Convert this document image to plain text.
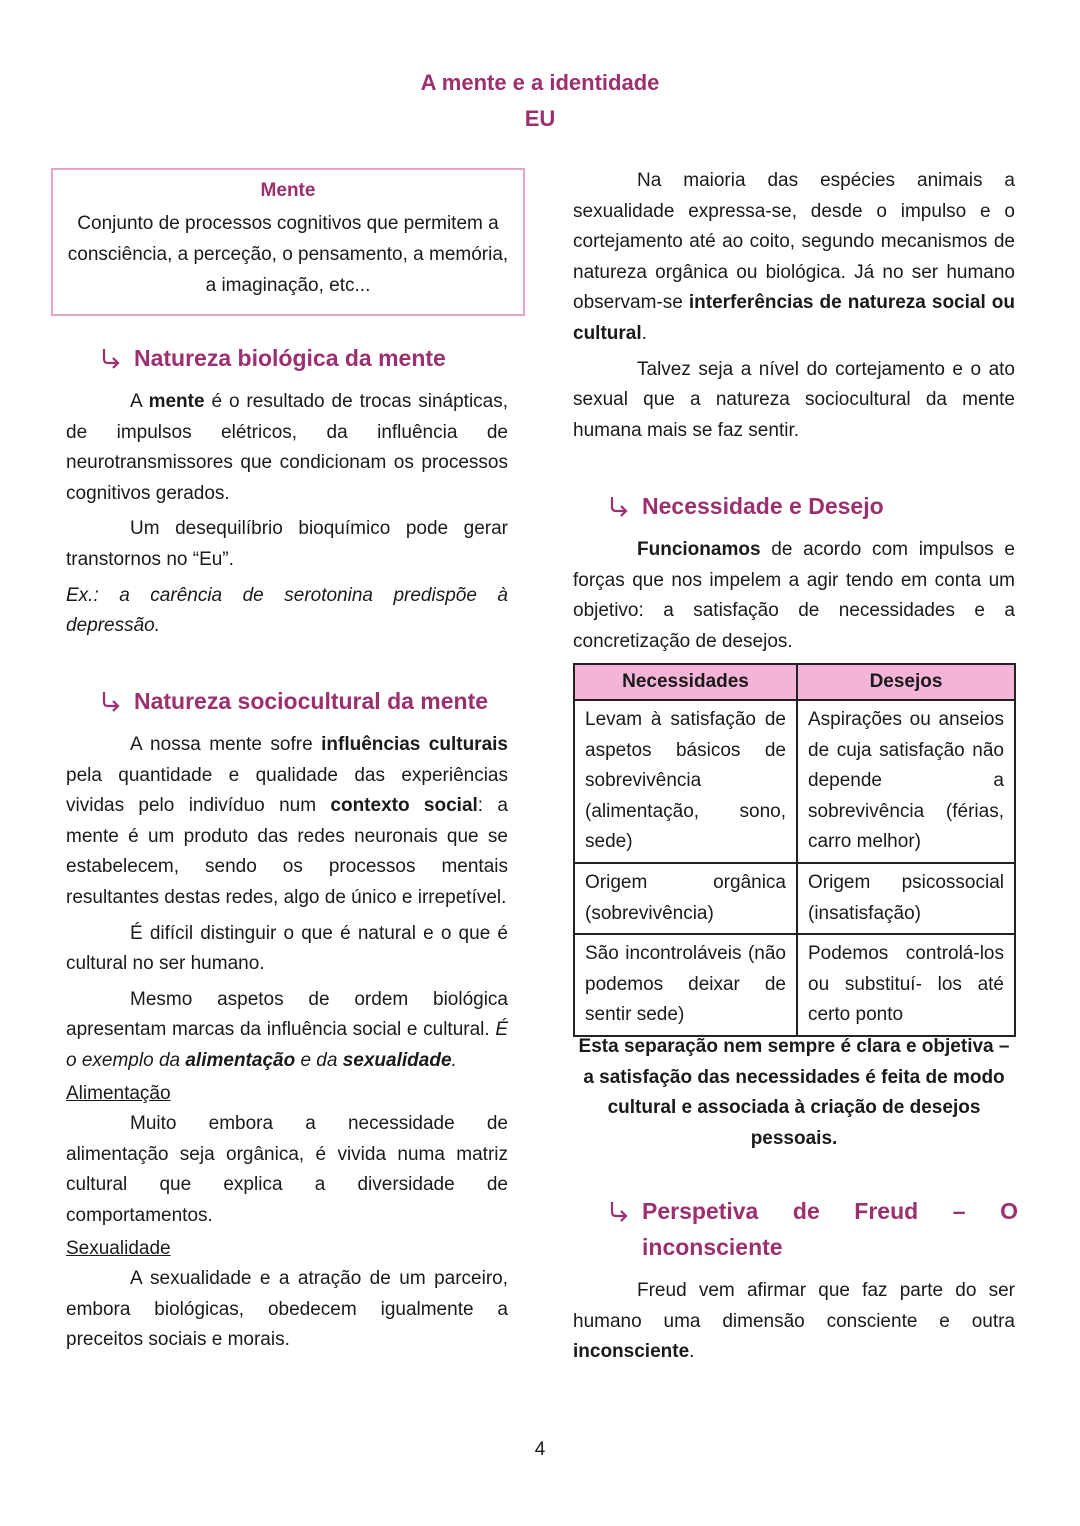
A mente e a identidade
EU
Mente
Conjunto de processos cognitivos que permitem a consciência, a perceção, o pensamento, a memória, a imaginação, etc...
Natureza biológica da mente

A mente é o resultado de trocas sinápticas, de impulsos elétricos, da influência de neurotransmissores que condicionam os processos cognitivos gerados.

Um desequilíbrio bioquímico pode gerar transtornos no “Eu”.

Ex.: a carência de serotonina predispõe à depressão.

Natureza sociocultural da mente

A nossa mente sofre influências culturais pela quantidade e qualidade das experiências vividas pelo indivíduo num contexto social: a mente é um produto das redes neuronais que se estabelecem, sendo os processos mentais resultantes destas redes, algo de único e irrepetível.

É difícil distinguir o que é natural e o que é cultural no ser humano.

Mesmo aspetos de ordem biológica apresentam marcas da influência social e cultural. É o exemplo da alimentação e da sexualidade.

Alimentação

Muito embora a necessidade de alimentação seja orgânica, é vivida numa matriz cultural que explica a diversidade de comportamentos.

Sexualidade

A sexualidade e a atração de um parceiro, embora biológicas, obedecem igualmente a preceitos sociais e morais.

Na maioria das espécies animais a sexualidade expressa-se, desde o impulso e o cortejamento até ao coito, segundo mecanismos de natureza orgânica ou biológica. Já no ser humano observam-se interferências de natureza social ou cultural.

Talvez seja a nível do cortejamento e o ato sexual que a natureza sociocultural da mente humana mais se faz sentir.

Necessidade e Desejo

Funcionamos de acordo com impulsos e forças que nos impelem a agir tendo em conta um objetivo: a satisfação de necessidades e a concretização de desejos.

Necessidades	Desejos
Levam à satisfação de aspetos básicos de sobrevivência (alimentação, sono, sede)	Aspirações ou anseios de cuja satisfação não depende a sobrevivência (férias, carro melhor)
Origem orgânica (sobrevivência)	Origem psicossocial (insatisfação)
São incontroláveis (não podemos deixar de sentir sede)	Podemos controlá-los ou substituí- los até certo ponto
Esta separação nem sempre é clara e objetiva – a satisfação das necessidades é feita de modo cultural e associada à criação de desejos pessoais.
Perspetiva de Freud – O inconsciente

Freud vem afirmar que faz parte do ser humano uma dimensão consciente e outra inconsciente.

4
